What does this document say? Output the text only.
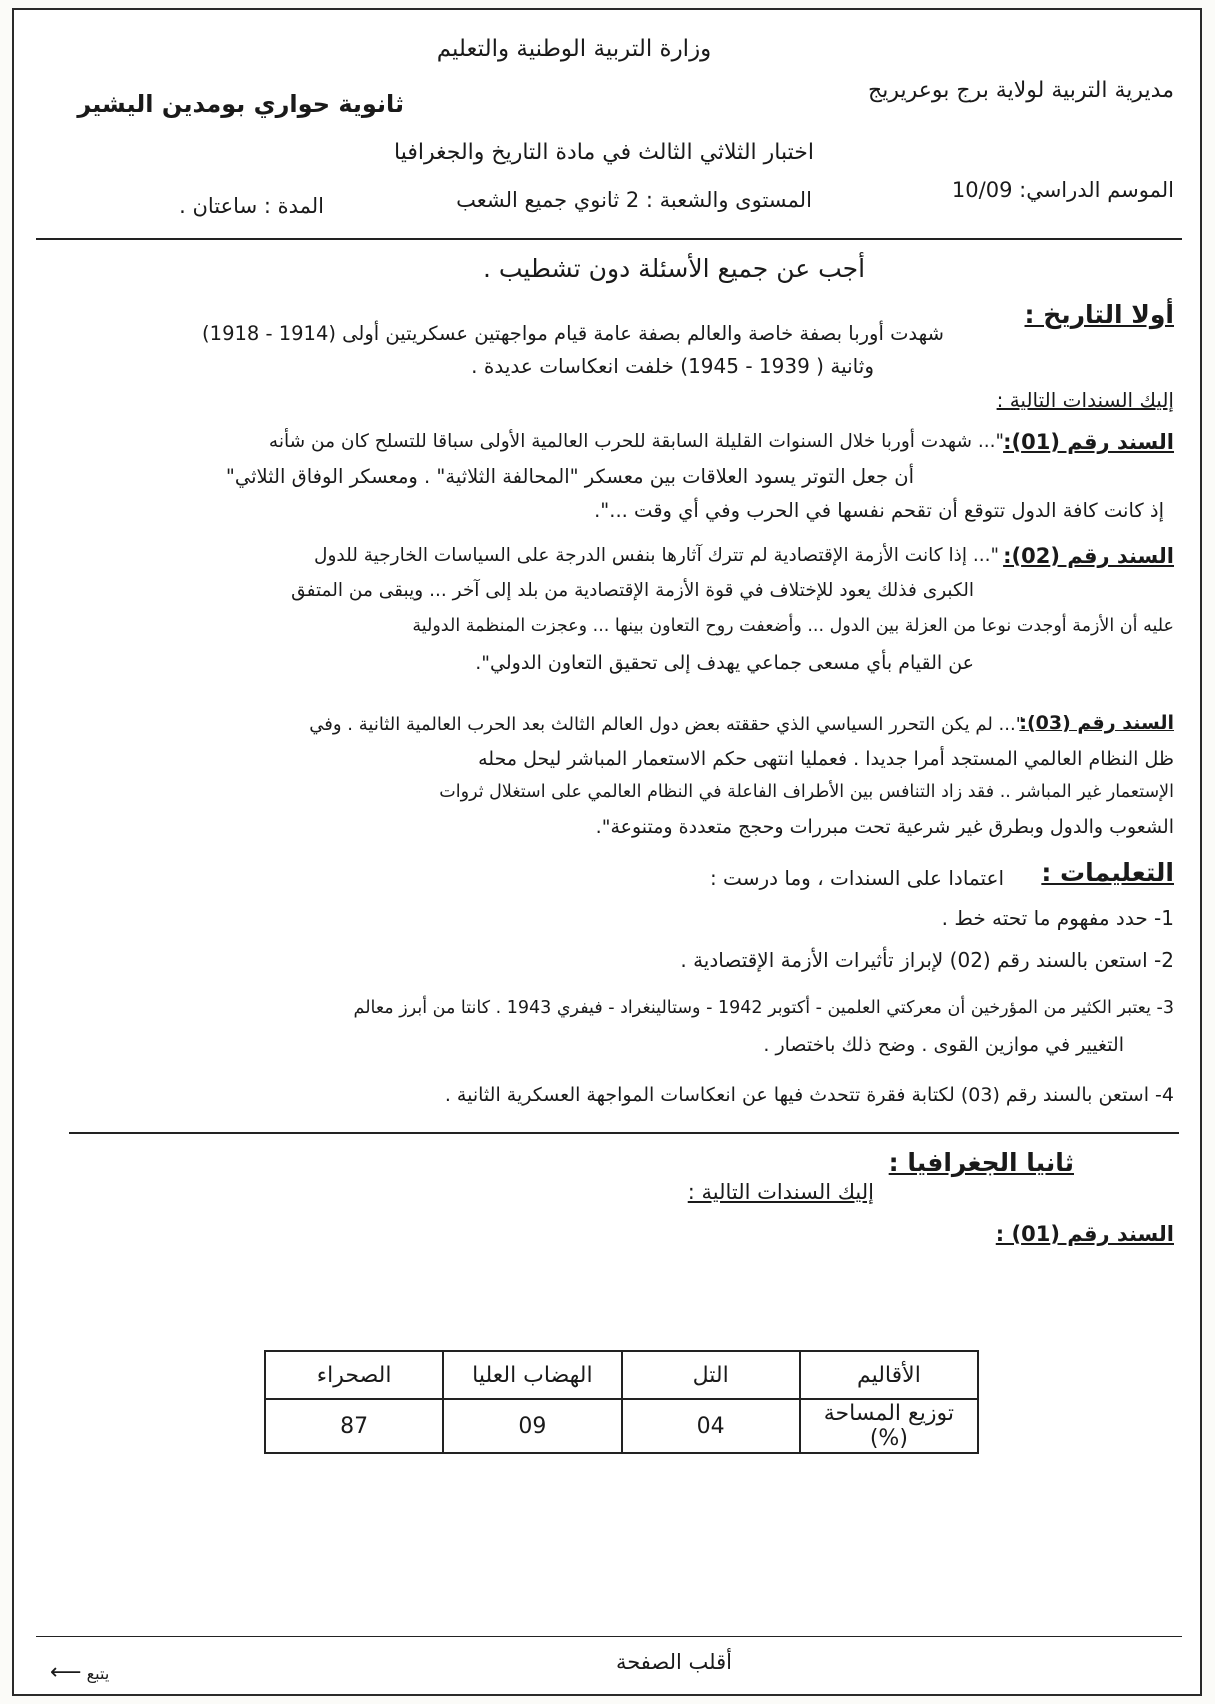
وزارة التربية الوطنية والتعليم
مديرية التربية لولاية برج بوعريريج
ثانوية حواري بومدين اليشير
اختبار الثلاثي الثالث في مادة التاريخ والجغرافيا
الموسم الدراسي: 10/09
المستوى والشعبة : 2 ثانوي جميع الشعب
المدة : ساعتان .
أجب عن جميع الأسئلة دون تشطيب .
أولا التاريخ :
شهدت أوربا بصفة خاصة والعالم بصفة عامة قيام مواجهتين عسكريتين أولى (1914 - 1918)
وثانية ( 1939 - 1945) خلفت انعكاسات عديدة .
إليك السندات التالية :
السند رقم (01):
"... شهدت أوربا خلال السنوات القليلة السابقة للحرب العالمية الأولى سباقا للتسلح كان من شأنه
أن جعل التوتر يسود العلاقات بين معسكر "المحالفة الثلاثية" . ومعسكر الوفاق الثلاثي"
إذ كانت كافة الدول تتوقع أن تقحم نفسها في الحرب وفي أي وقت ...".
السند رقم (02):
"... إذا كانت الأزمة الإقتصادية لم تترك آثارها بنفس الدرجة على السياسات الخارجية للدول
الكبرى فذلك يعود للإختلاف في قوة الأزمة الإقتصادية من بلد إلى آخر ... ويبقى من المتفق
عليه أن الأزمة أوجدت نوعا من العزلة بين الدول ... وأضعفت روح التعاون بينها ... وعجزت المنظمة الدولية
عن القيام بأي مسعى جماعي يهدف إلى تحقيق التعاون الدولي".
السند رقم (03):
"... لم يكن التحرر السياسي الذي حققته بعض دول العالم الثالث بعد الحرب العالمية الثانية . وفي
ظل النظام العالمي المستجد أمرا جديدا . فعمليا انتهى حكم الاستعمار المباشر ليحل محله
الإستعمار غير المباشر .. فقد زاد التنافس بين الأطراف الفاعلة في النظام العالمي على استغلال ثروات
الشعوب والدول وبطرق غير شرعية تحت مبررات وحجج متعددة ومتنوعة".
التعليمات :
اعتمادا على السندات ، وما درست :
1- حدد مفهوم ما تحته خط .
2- استعن بالسند رقم (02) لإبراز تأثيرات الأزمة الإقتصادية .
3- يعتبر الكثير من المؤرخين أن معركتي العلمين - أكتوبر 1942 - وستالينغراد - فيفري 1943 . كانتا من أبرز معالم
التغيير في موازين القوى . وضح ذلك باختصار .
4- استعن بالسند رقم (03) لكتابة فقرة تتحدث فيها عن انعكاسات المواجهة العسكرية الثانية .
ثانيا الجغرافيا :
إليك السندات التالية :
السند رقم (01) :
الأقاليم	التل	الهضاب العليا	الصحراء
توزيع المساحة (%)	04	09	87
أقلب الصفحة
⟵ يتبع
